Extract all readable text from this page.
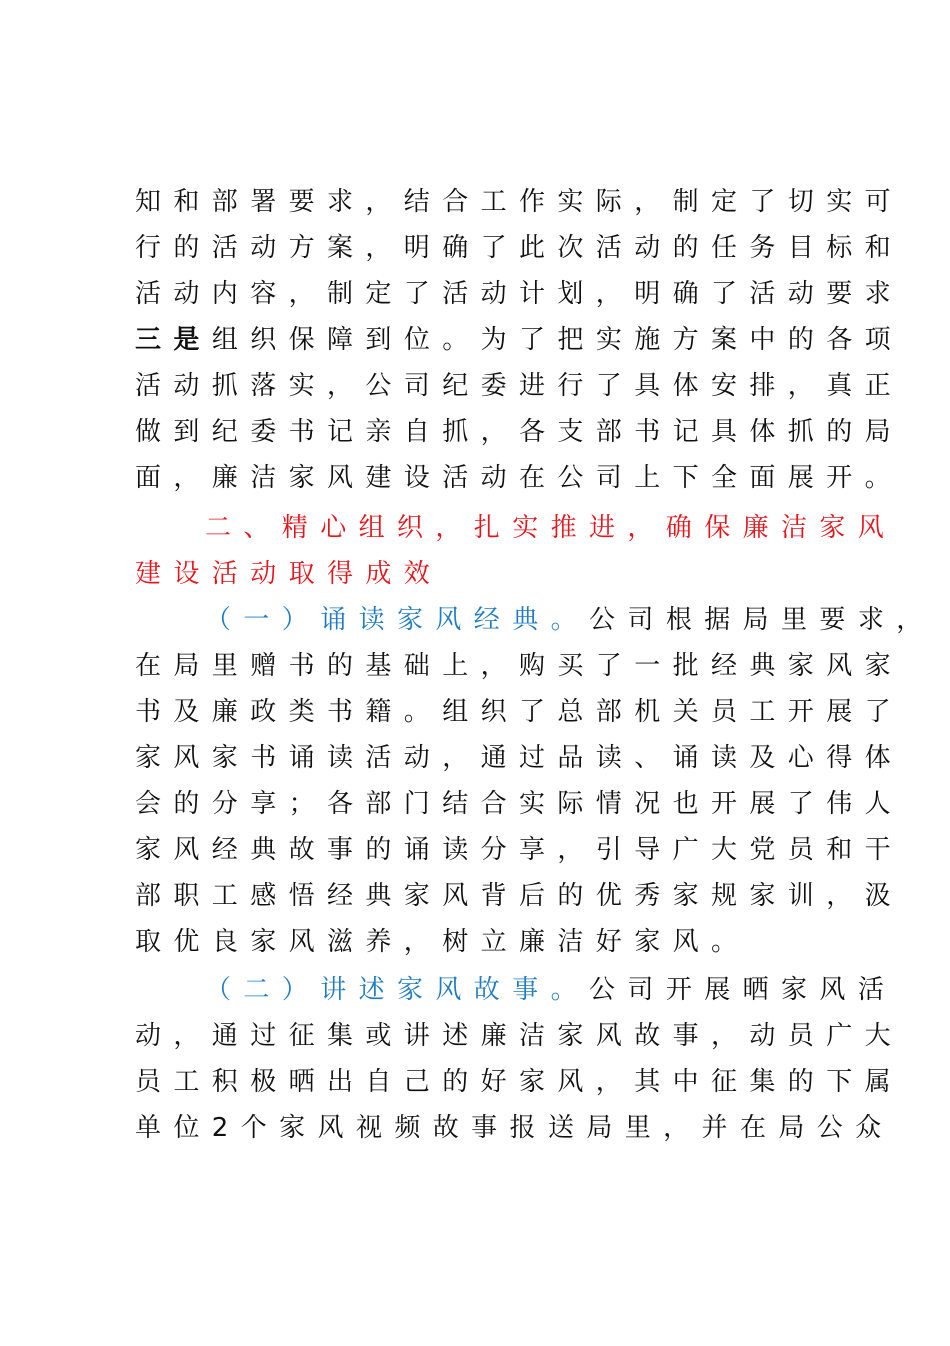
知和部署要求，结合工作实际，制定了切实可
行的活动方案，明确了此次活动的任务目标和
活动内容，制定了活动计划，明确了活动要求
三是组织保障到位。为了把实施方案中的各项
活动抓落实，公司纪委进行了具体安排，真正
做到纪委书记亲自抓，各支部书记具体抓的局
面，廉洁家风建设活动在公司上下全面展开。
二、精心组织，扎实推进，确保廉洁家风
建设活动取得成效
（一）诵读家风经典。公司根据局里要求，
在局里赠书的基础上，购买了一批经典家风家
书及廉政类书籍。组织了总部机关员工开展了
家风家书诵读活动，通过品读、诵读及心得体
会的分享；各部门结合实际情况也开展了伟人
家风经典故事的诵读分享，引导广大党员和干
部职工感悟经典家风背后的优秀家规家训，汲
取优良家风滋养，树立廉洁好家风。
（二）讲述家风故事。公司开展晒家风活
动，通过征集或讲述廉洁家风故事，动员广大
员工积极晒出自己的好家风，其中征集的下属
单位2个家风视频故事报送局里，并在局公众
